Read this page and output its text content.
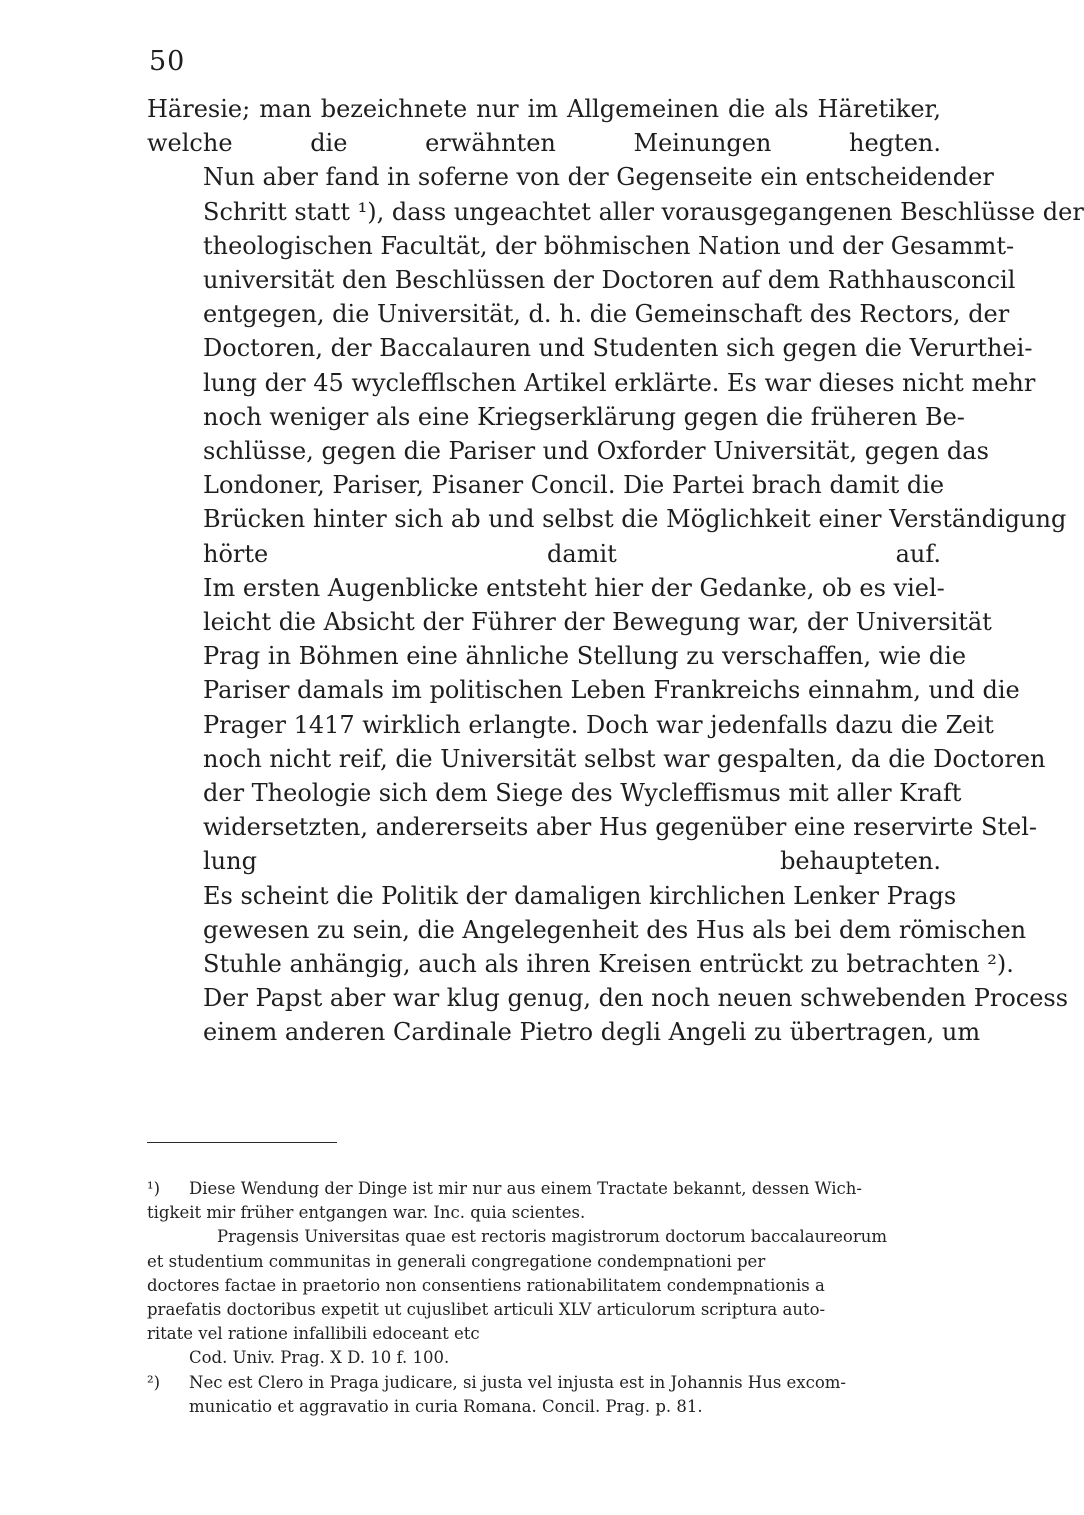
50

Häresie; man bezeichnete nur im Allgemeinen die als Häretiker,
welche die erwähnten Meinungen hegten.

Nun aber fand in soferne von der Gegenseite ein entscheidender
Schritt statt ¹), dass ungeachtet aller vorausgegangenen Beschlüsse der
theologischen Facultät, der böhmischen Nation und der Gesammt-
universität den Beschlüssen der Doctoren auf dem Rathhausconcil
entgegen, die Universität, d. h. die Gemeinschaft des Rectors, der
Doctoren, der Baccalauren und Studenten sich gegen die Verurthei-
lung der 45 wyclefflschen Artikel erklärte. Es war dieses nicht mehr
noch weniger als eine Kriegserklärung gegen die früheren Be-
schlüsse, gegen die Pariser und Oxforder Universität, gegen das
Londoner, Pariser, Pisaner Concil. Die Partei brach damit die
Brücken hinter sich ab und selbst die Möglichkeit einer Verständigung
hörte damit auf.

Im ersten Augenblicke entsteht hier der Gedanke, ob es viel-
leicht die Absicht der Führer der Bewegung war, der Universität
Prag in Böhmen eine ähnliche Stellung zu verschaffen, wie die
Pariser damals im politischen Leben Frankreichs einnahm, und die
Prager 1417 wirklich erlangte. Doch war jedenfalls dazu die Zeit
noch nicht reif, die Universität selbst war gespalten, da die Doctoren
der Theologie sich dem Siege des Wycleffismus mit aller Kraft
widersetzten, andererseits aber Hus gegenüber eine reservirte Stel-
lung behaupteten.

Es scheint die Politik der damaligen kirchlichen Lenker Prags
gewesen zu sein, die Angelegenheit des Hus als bei dem römischen
Stuhle anhängig, auch als ihren Kreisen entrückt zu betrachten ²).
Der Papst aber war klug genug, den noch neuen schwebenden Process
einem anderen Cardinale Pietro degli Angeli zu übertragen, um

¹)	Diese Wendung der Dinge ist mir nur aus einem Tractate bekannt, dessen Wich-
tigkeit mir früher entgangen war. Inc. quia scientes.
Pragensis Universitas quae est rectoris magistrorum doctorum baccalaureorum
et studentium communitas in generali congregatione condempnationi per
doctores factae in praetorio non consentiens rationabilitatem condempnationis a
praefatis doctoribus expetit ut cujuslibet articuli XLV articulorum scriptura auto-
ritate vel ratione infallibili edoceant etc
Cod. Univ. Prag. X D. 10 f. 100.
²)	Nec est Clero in Praga judicare, si justa vel injusta est in Johannis Hus excom-
municatio et aggravatio in curia Romana. Concil. Prag. p. 81.
